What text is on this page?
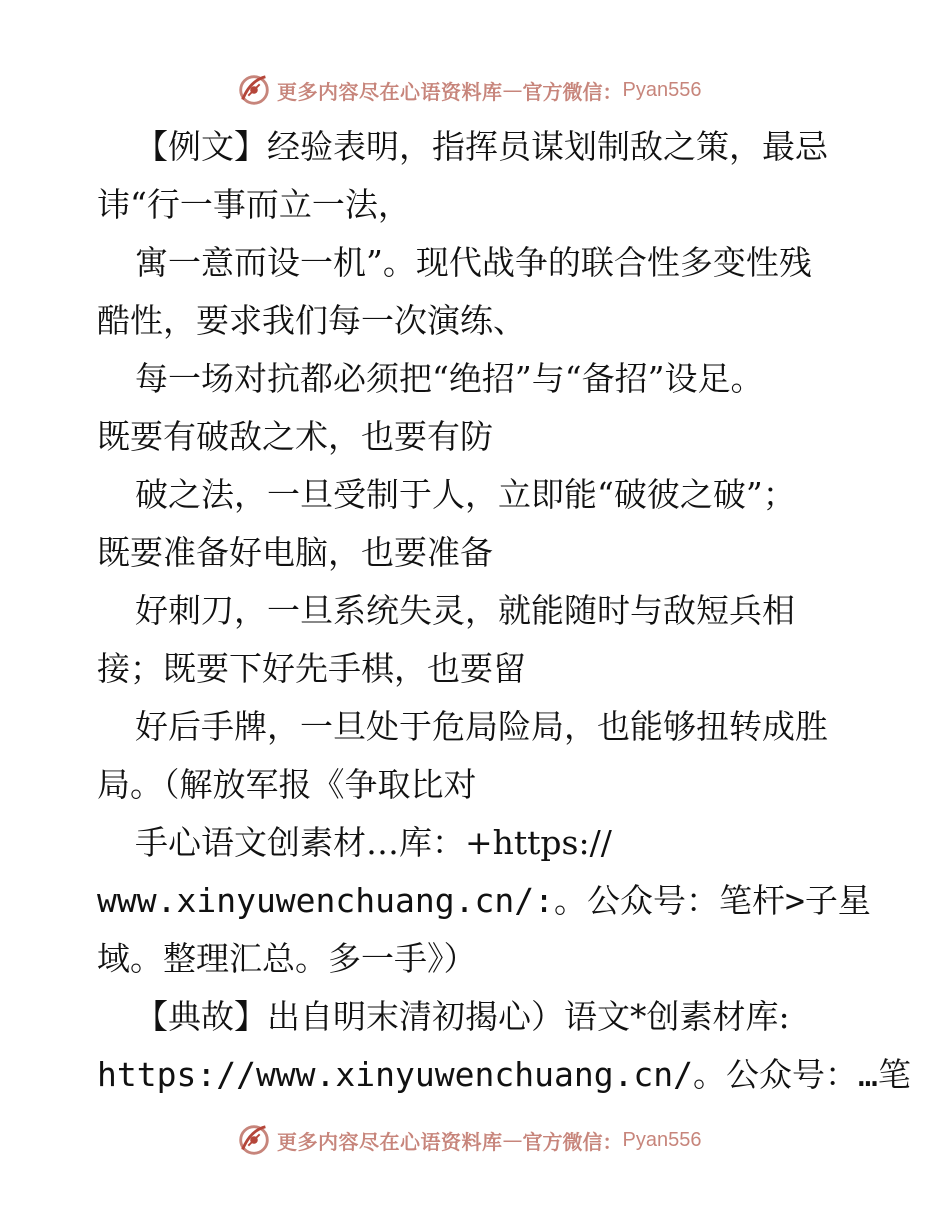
更多内容尽在心语资料库 — 官方微信： Pyan556
【例文】经验表明，指挥员谋划制敌之策，最忌
讳“行一事而立一法，
寓一意而设一机”。现代战争的联合性多变性残
酷性，要求我们每一次演练、
每一场对抗都必须把“绝招”与“备招”设足。
既要有破敌之术，也要有防
破之法，一旦受制于人，立即能“破彼之破”；
既要准备好电脑，也要准备
好刺刀，一旦系统失灵，就能随时与敌短兵相
接；既要下好先手棋，也要留
好后手牌，一旦处于危局险局，也能够扭转成胜
局。（解放军报《争取比对
手心语文创素材…库：+https://
www.xinyuwenchuang.cn/:。公众号：笔杆>子星
域。整理汇总。多一手》）
【典故】出自明末清初揭心）语文*创素材库:
https://www.xinyuwenchuang.cn/。公众号：…笔
更多内容尽在心语资料库 — 官方微信： Pyan556
